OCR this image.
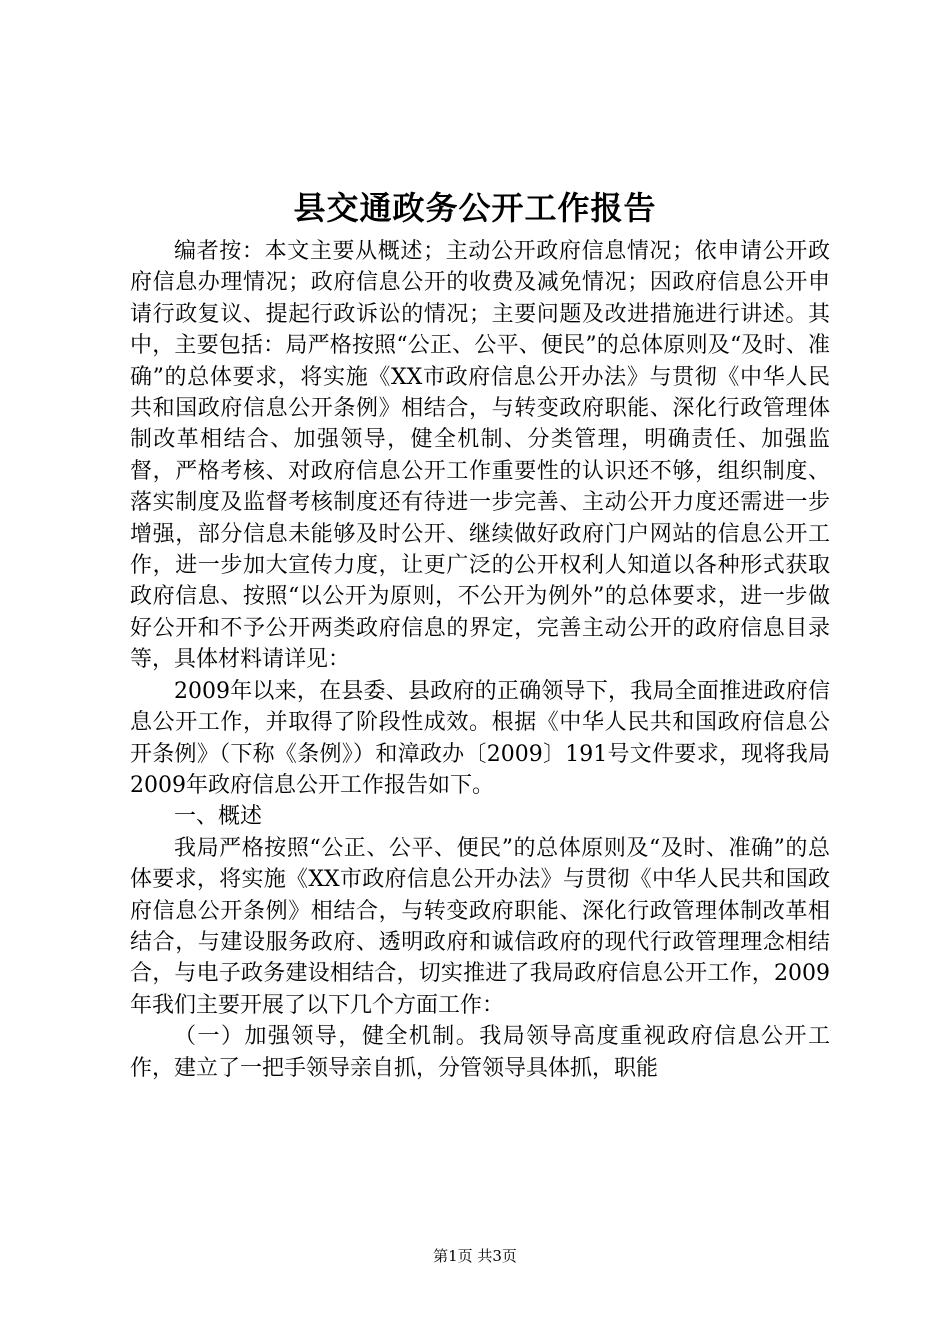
县交通政务公开工作报告

编者按：本文主要从概述；主动公开政府信息情况；依申请公开政府信息办理情况；政府信息公开的收费及减免情况；因政府信息公开申请行政复议、提起行政诉讼的情况；主要问题及改进措施进行讲述。其中，主要包括：局严格按照“公正、公平、便民”的总体原则及“及时、准确”的总体要求，将实施《XX市政府信息公开办法》与贯彻《中华人民共和国政府信息公开条例》相结合，与转变政府职能、深化行政管理体制改革相结合、加强领导，健全机制、分类管理，明确责任、加强监督，严格考核、对政府信息公开工作重要性的认识还不够，组织制度、落实制度及监督考核制度还有待进一步完善、主动公开力度还需进一步增强，部分信息未能够及时公开、继续做好政府门户网站的信息公开工作，进一步加大宣传力度，让更广泛的公开权利人知道以各种形式获取政府信息、按照“以公开为原则，不公开为例外”的总体要求，进一步做好公开和不予公开两类政府信息的界定，完善主动公开的政府信息目录等，具体材料请详见：

2009年以来，在县委、县政府的正确领导下，我局全面推进政府信息公开工作，并取得了阶段性成效。根据《中华人民共和国政府信息公开条例》（下称《条例》）和漳政办〔2009〕191号文件要求，现将我局2009年政府信息公开工作报告如下。

一、概述

我局严格按照“公正、公平、便民”的总体原则及“及时、准确”的总体要求，将实施《XX市政府信息公开办法》与贯彻《中华人民共和国政府信息公开条例》相结合，与转变政府职能、深化行政管理体制改革相结合，与建设服务政府、透明政府和诚信政府的现代行政管理理念相结合，与电子政务建设相结合，切实推进了我局政府信息公开工作，2009年我们主要开展了以下几个方面工作：

（一）加强领导，健全机制。我局领导高度重视政府信息公开工作，建立了一把手领导亲自抓，分管领导具体抓，职能

第1页 共3页
